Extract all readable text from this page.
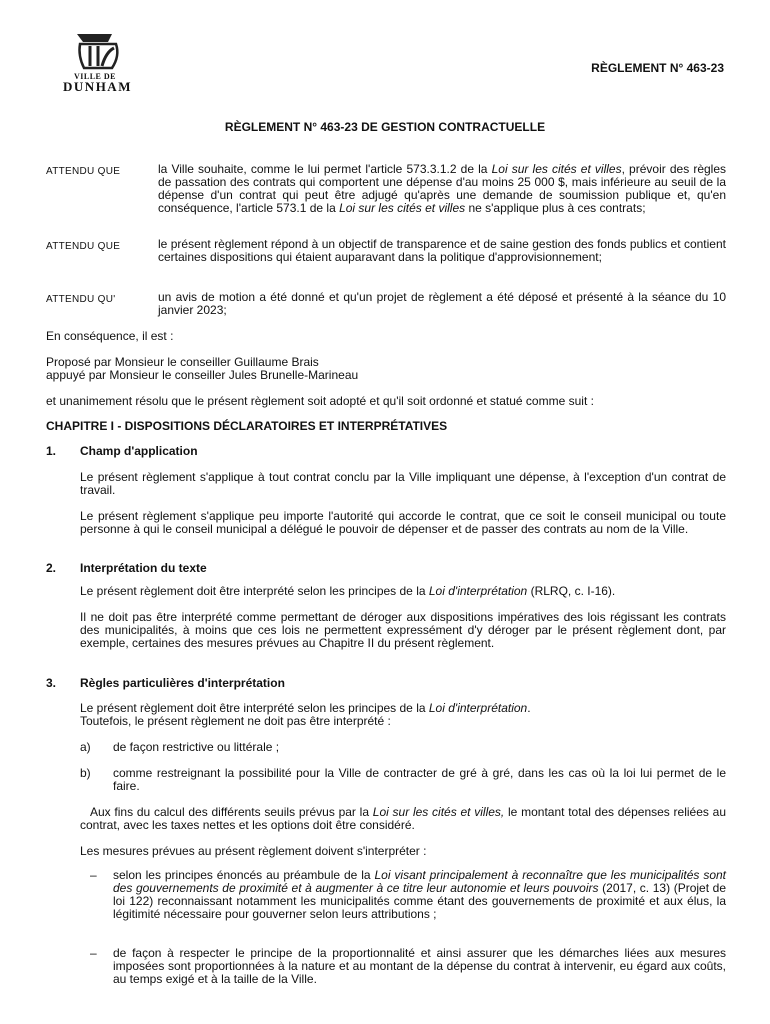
VILLE DE
DUNHAM
RÈGLEMENT N° 463-23
RÈGLEMENT N° 463-23 DE GESTION CONTRACTUELLE
ATTENDU QUE	la Ville souhaite, comme le lui permet l'article 573.3.1.2 de la Loi sur les cités et villes, prévoir des règles de passation des contrats qui comportent une dépense d'au moins 25 000 $, mais inférieure au seuil de la dépense d'un contrat qui peut être adjugé qu'après une demande de soumission publique et, qu'en conséquence, l'article 573.1 de la Loi sur les cités et villes ne s'applique plus à ces contrats;
ATTENDU QUE	le présent règlement répond à un objectif de transparence et de saine gestion des fonds publics et contient certaines dispositions qui étaient auparavant dans la politique d'approvisionnement;
ATTENDU QU'	un avis de motion a été donné et qu'un projet de règlement a été déposé et présenté à la séance du 10 janvier 2023;
En conséquence, il est :
Proposé par Monsieur le conseiller Guillaume Brais
appuyé par Monsieur le conseiller Jules Brunelle-Marineau
et unanimement résolu que le présent règlement soit adopté et qu'il soit ordonné et statué comme suit :
CHAPITRE I - DISPOSITIONS DÉCLARATOIRES ET INTERPRÉTATIVES
1. Champ d'application
Le présent règlement s'applique à tout contrat conclu par la Ville impliquant une dépense, à l'exception d'un contrat de travail.
Le présent règlement s'applique peu importe l'autorité qui accorde le contrat, que ce soit le conseil municipal ou toute personne à qui le conseil municipal a délégué le pouvoir de dépenser et de passer des contrats au nom de la Ville.
2. Interprétation du texte
Le présent règlement doit être interprété selon les principes de la Loi d'interprétation (RLRQ, c. I-16).
Il ne doit pas être interprété comme permettant de déroger aux dispositions impératives des lois régissant les contrats des municipalités, à moins que ces lois ne permettent expressément d'y déroger par le présent règlement dont, par exemple, certaines des mesures prévues au Chapitre II du présent règlement.
3. Règles particulières d'interprétation
Le présent règlement doit être interprété selon les principes de la Loi d'interprétation.
Toutefois, le présent règlement ne doit pas être interprété :
a) de façon restrictive ou littérale ;
b) comme restreignant la possibilité pour la Ville de contracter de gré à gré, dans les cas où la loi lui permet de le faire.
Aux fins du calcul des différents seuils prévus par la Loi sur les cités et villes, le montant total des dépenses reliées au contrat, avec les taxes nettes et les options doit être considéré.
Les mesures prévues au présent règlement doivent s'interpréter :
– selon les principes énoncés au préambule de la Loi visant principalement à reconnaître que les municipalités sont des gouvernements de proximité et à augmenter à ce titre leur autonomie et leurs pouvoirs (2017, c. 13) (Projet de loi 122) reconnaissant notamment les municipalités comme étant des gouvernements de proximité et aux élus, la légitimité nécessaire pour gouverner selon leurs attributions ;
– de façon à respecter le principe de la proportionnalité et ainsi assurer que les démarches liées aux mesures imposées sont proportionnées à la nature et au montant de la dépense du contrat à intervenir, eu égard aux coûts, au temps exigé et à la taille de la Ville.
